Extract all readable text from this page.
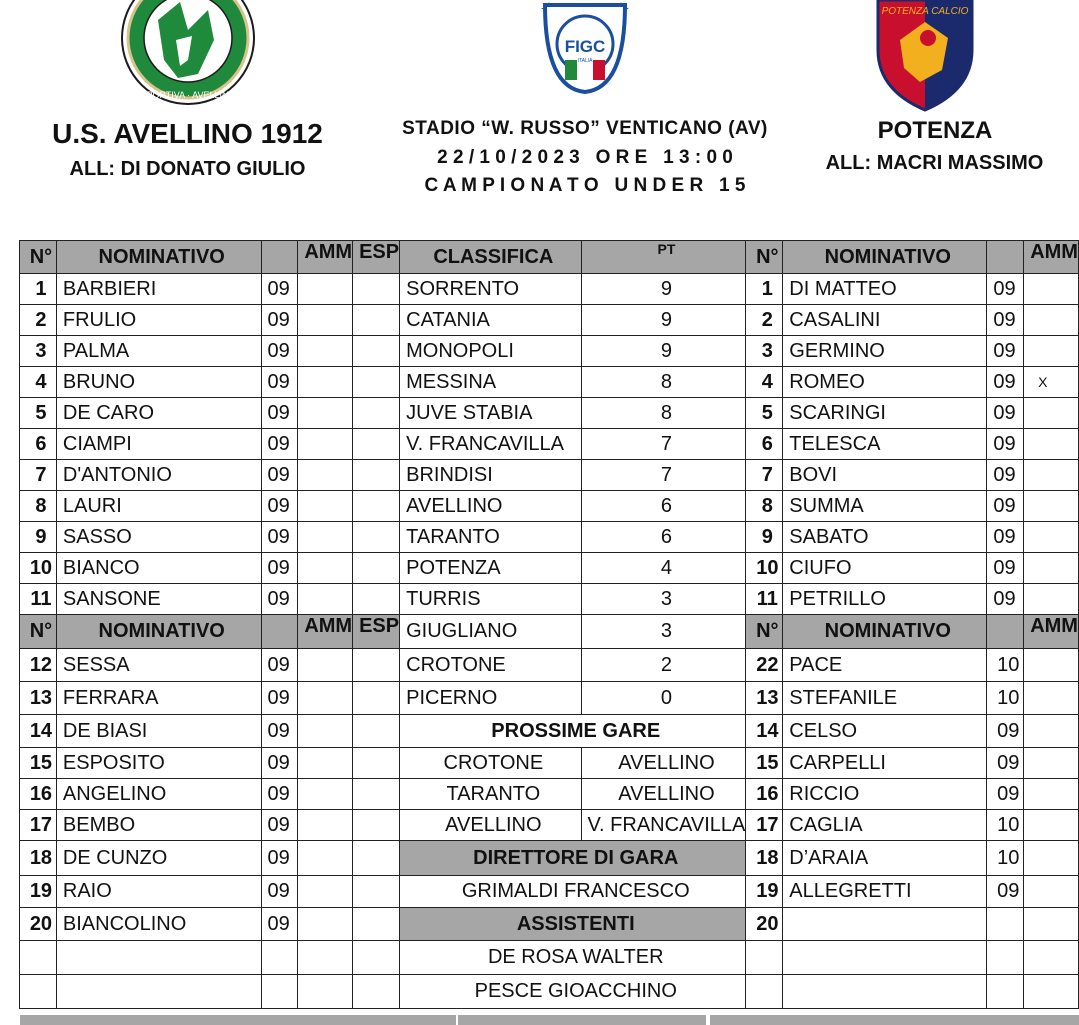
SPORTIVA · AVELLINO
U.S. AVELLINO 1912
ALL: DI DONATO GIULIO
FIGC
ITALIA
STADIO “W. RUSSO” VENTICANO (AV)
2 2 / 1 0 / 2 0 2 3   O R E   1 3 : 0 0
C A M P I O N A T O   U N D E R   1 5
POTENZA CALCIO
POTENZA
ALL: MACRI MASSIMO
N°	NOMINATIVO		AMM	ESP	CLASSIFICA	PT	N°	NOMINATIVO		AMM
1	BARBIERI	09			SORRENTO	9	1	DI MATTEO	09	
2	FRULIO	09			CATANIA	9	2	CASALINI	09	
3	PALMA	09			MONOPOLI	9	3	GERMINO	09	
4	BRUNO	09			MESSINA	8	4	ROMEO	09	X
5	DE CARO	09			JUVE STABIA	8	5	SCARINGI	09	
6	CIAMPI	09			V. FRANCAVILLA	7	6	TELESCA	09	
7	D'ANTONIO	09			BRINDISI	7	7	BOVI	09	
8	LAURI	09			AVELLINO	6	8	SUMMA	09	
9	SASSO	09			TARANTO	6	9	SABATO	09	
10	BIANCO	09			POTENZA	4	10	CIUFO	09	
11	SANSONE	09			TURRIS	3	11	PETRILLO	09	
N°	NOMINATIVO		AMM	ESP	GIUGLIANO	3	N°	NOMINATIVO		AMM
12	SESSA	09			CROTONE	2	22	PACE	10	
13	FERRARA	09			PICERNO	0	13	STEFANILE	10	
14	DE BIASI	09			PROSSIME GARE		14	CELSO	09	
15	ESPOSITO	09			CROTONE	AVELLINO	15	CARPELLI	09	
16	ANGELINO	09			TARANTO	AVELLINO	16	RICCIO	09	
17	BEMBO	09			AVELLINO	V. FRANCAVILLA	17	CAGLIA	10	
18	DE CUNZO	09			DIRETTORE DI GARA		18	D’ARAIA	10	
19	RAIO	09			GRIMALDI FRANCESCO		19	ALLEGRETTI	09	
20	BIANCOLINO	09			ASSISTENTI		20			
					DE ROSA WALTER					
					PESCE GIOACCHINO					
